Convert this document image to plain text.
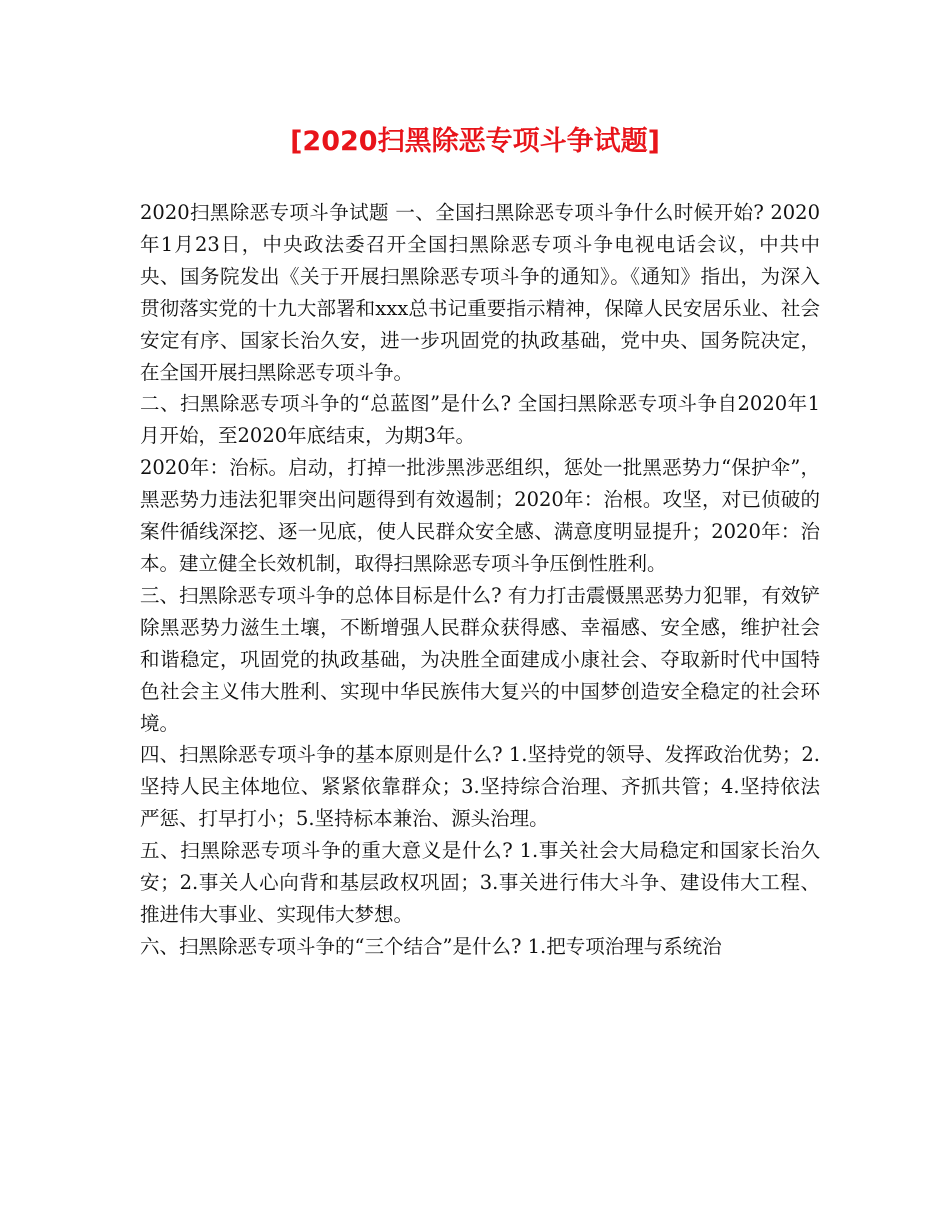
[2020扫黑除恶专项斗争试题]

2020扫黑除恶专项斗争试题 一、全国扫黑除恶专项斗争什么时候开始? 2020年1月23日，中央政法委召开全国扫黑除恶专项斗争电视电话会议，中共中央、国务院发出《关于开展扫黑除恶专项斗争的通知》。《通知》指出，为深入贯彻落实党的十九大部署和xxx总书记重要指示精神，保障人民安居乐业、社会安定有序、国家长治久安，进一步巩固党的执政基础，党中央、国务院决定，在全国开展扫黑除恶专项斗争。

二、扫黑除恶专项斗争的“总蓝图”是什么? 全国扫黑除恶专项斗争自2020年1月开始，至2020年底结束，为期3年。

2020年：治标。启动，打掉一批涉黑涉恶组织，惩处一批黑恶势力“保护伞”，黑恶势力违法犯罪突出问题得到有效遏制；2020年：治根。攻坚，对已侦破的案件循线深挖、逐一见底，使人民群众安全感、满意度明显提升；2020年：治本。建立健全长效机制，取得扫黑除恶专项斗争压倒性胜利。

三、扫黑除恶专项斗争的总体目标是什么? 有力打击震慑黑恶势力犯罪，有效铲除黑恶势力滋生土壤，不断增强人民群众获得感、幸福感、安全感，维护社会和谐稳定，巩固党的执政基础，为决胜全面建成小康社会、夺取新时代中国特色社会主义伟大胜利、实现中华民族伟大复兴的中国梦创造安全稳定的社会环境。

四、扫黑除恶专项斗争的基本原则是什么? 1.坚持党的领导、发挥政治优势；2.坚持人民主体地位、紧紧依靠群众；3.坚持综合治理、齐抓共管；4.坚持依法严惩、打早打小；5.坚持标本兼治、源头治理。

五、扫黑除恶专项斗争的重大意义是什么? 1.事关社会大局稳定和国家长治久安；2.事关人心向背和基层政权巩固；3.事关进行伟大斗争、建设伟大工程、推进伟大事业、实现伟大梦想。

六、扫黑除恶专项斗争的“三个结合”是什么? 1.把专项治理与系统治
